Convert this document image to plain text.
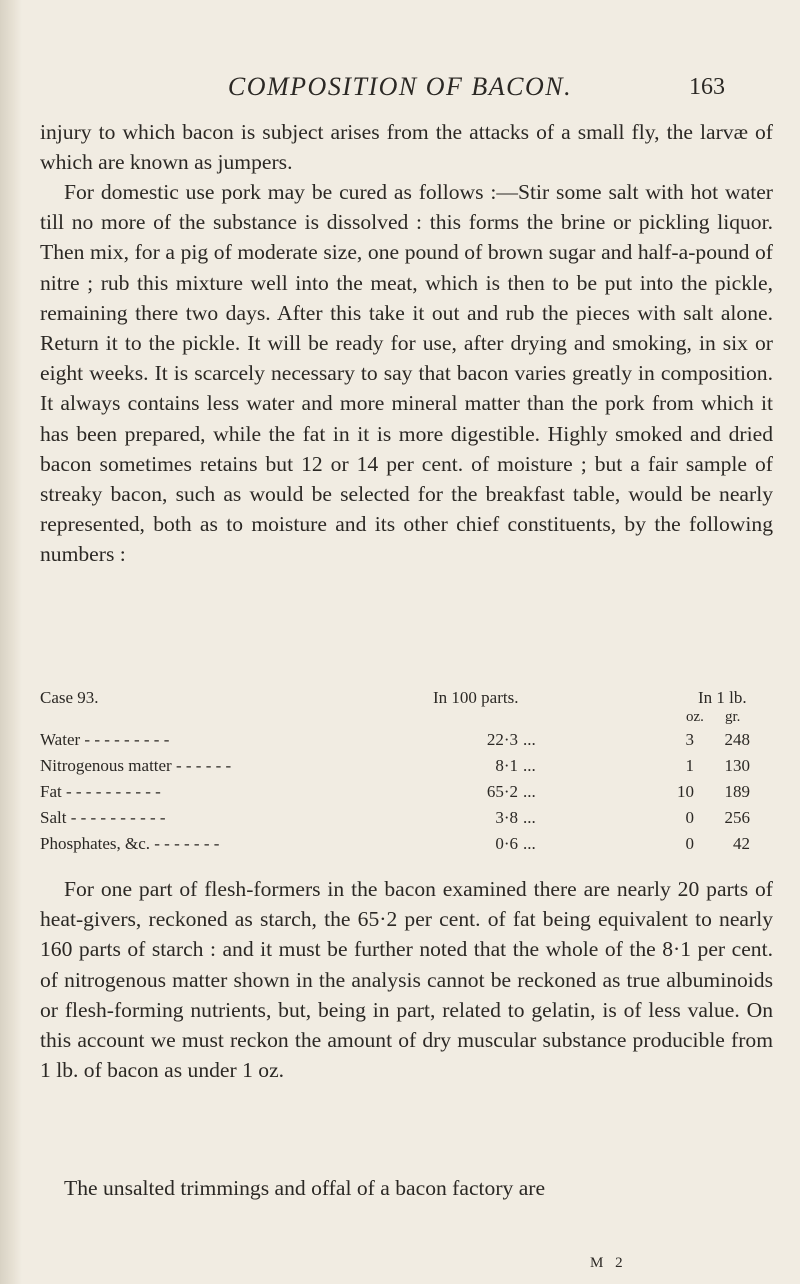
COMPOSITION OF BACON.	163

injury to which bacon is subject arises from the attacks of a small fly, the larvæ of which are known as jumpers.

For domestic use pork may be cured as follows :—Stir some salt with hot water till no more of the substance is dissolved : this forms the brine or pickling liquor. Then mix, for a pig of moderate size, one pound of brown sugar and half-a-pound of nitre ; rub this mixture well into the meat, which is then to be put into the pickle, remaining there two days. After this take it out and rub the pieces with salt alone. Return it to the pickle. It will be ready for use, after drying and smoking, in six or eight weeks. It is scarcely necessary to say that bacon varies greatly in composition. It always contains less water and more mineral matter than the pork from which it has been prepared, while the fat in it is more digestible. Highly smoked and dried bacon sometimes retains but 12 or 14 per cent. of moisture ; but a fair sample of streaky bacon, such as would be selected for the breakfast table, would be nearly represented, both as to moisture and its other chief constituents, by the following numbers :

Case 93.	In 100 parts.	In 1 lb.
oz. gr.
Water - - - - - - - - -	22·3 ...	3	248
Nitrogenous matter - - - - - -	8·1 ...	1	130
Fat - - - - - - - - - -	65·2 ...	10	189
Salt - - - - - - - - - -	3·8 ...	0	256
Phosphates, &c. - - - - - - -	0·6 ...	0	42

For one part of flesh-formers in the bacon examined there are nearly 20 parts of heat-givers, reckoned as starch, the 65·2 per cent. of fat being equivalent to nearly 160 parts of starch : and it must be further noted that the whole of the 8·1 per cent. of nitrogenous matter shown in the analysis cannot be reckoned as true albuminoids or flesh-forming nutrients, but, being in part, related to gelatin, is of less value. On this account we must reckon the amount of dry muscular substance producible from 1 lb. of bacon as under 1 oz.

The unsalted trimmings and offal of a bacon factory are

M 2
